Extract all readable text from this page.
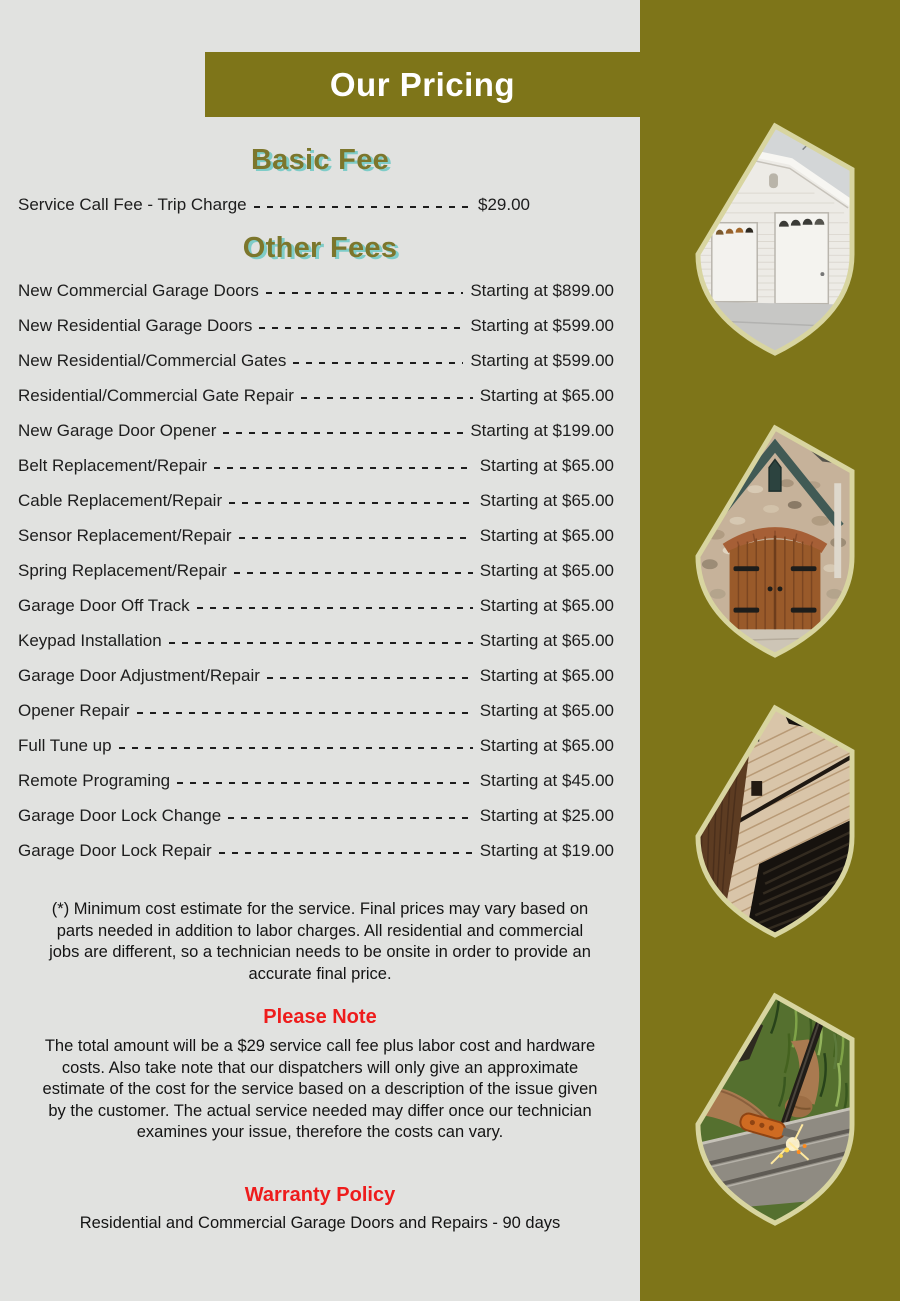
Our Pricing
Basic Fee
Service Call Fee - Trip Charge	$29.00
Other Fees
New Commercial Garage Doors	Starting at $899.00
New Residential Garage Doors	Starting at $599.00
New Residential/Commercial Gates	Starting at $599.00
Residential/Commercial Gate Repair	Starting at $65.00
New Garage Door Opener	Starting at $199.00
Belt Replacement/Repair	Starting at $65.00
Cable Replacement/Repair	Starting at $65.00
Sensor Replacement/Repair	Starting at $65.00
Spring Replacement/Repair	Starting at $65.00
Garage Door Off Track	Starting at $65.00
Keypad Installation	Starting at $65.00
Garage Door Adjustment/Repair	Starting at $65.00
Opener Repair	Starting at $65.00
Full Tune up	Starting at $65.00
Remote Programing	Starting at $45.00
Garage Door Lock Change	Starting at $25.00
Garage Door Lock Repair	Starting at $19.00

(*) Minimum cost estimate for the service. Final prices may vary based on parts needed in addition to labor charges. All residential and commercial jobs are different, so a technician needs to be onsite in order to provide an accurate final price.

Please Note

The total amount will be a $29 service call fee plus labor cost and hardware costs. Also take note that our dispatchers will only give an approximate estimate of the cost for the service based on a description of the issue given by the customer. The actual service needed may differ once our technician examines your issue, therefore the costs can vary.

Warranty Policy

Residential and Commercial Garage Doors and Repairs - 90 days
